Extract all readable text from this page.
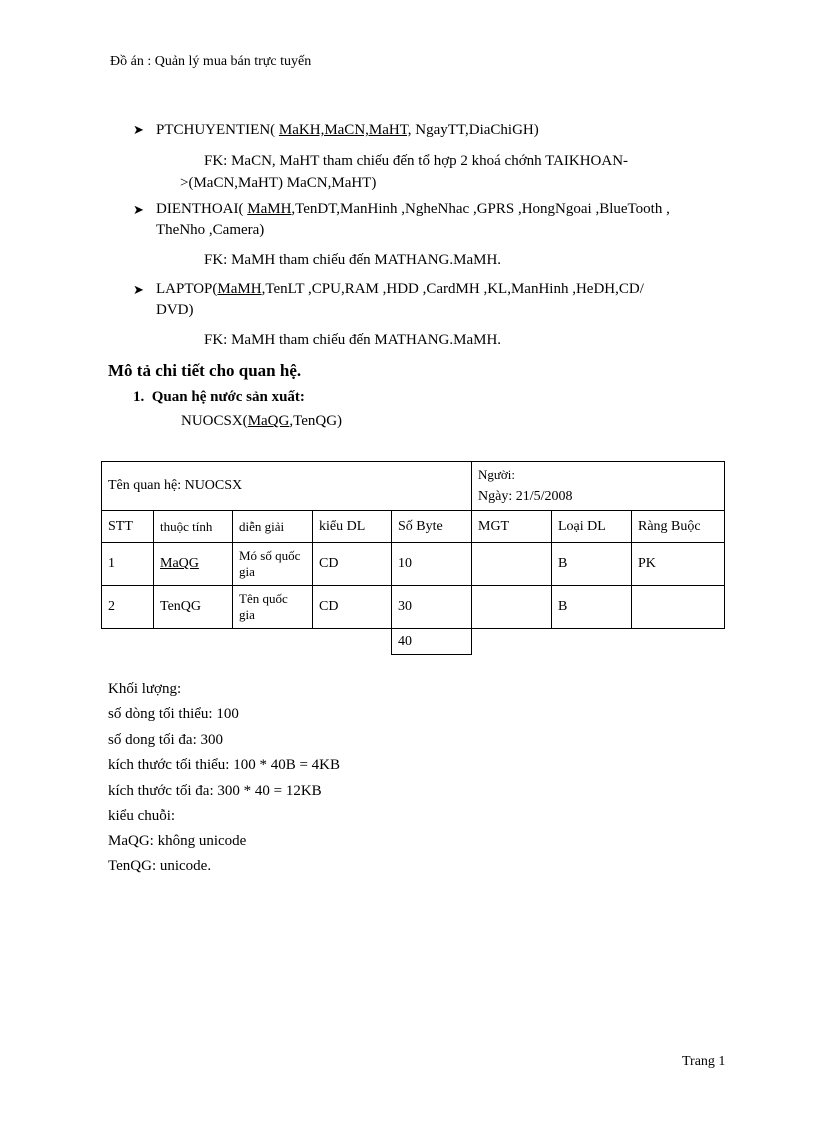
Đồ án : Quản lý mua bán trực tuyến
➤ PTCHUYENTIEN( MaKH,MaCN,MaHT, NgayTT,DiaChiGH)
FK: MaCN, MaHT tham chiếu đến tổ hợp 2 khoá chớnh TAIKHOAN-
>(MaCN,MaHT) MaCN,MaHT)
➤ DIENTHOAI( MaMH,TenDT,ManHinh ,NgheNhac ,GPRS ,HongNgoai ,BlueTooth ,
TheNho ,Camera)
FK: MaMH tham chiếu đến MATHANG.MaMH.
➤ LAPTOP(MaMH,TenLT ,CPU,RAM ,HDD ,CardMH ,KL,ManHinh ,HeDH,CD/
DVD)
FK: MaMH tham chiếu đến MATHANG.MaMH.
Mô tả chi tiết cho quan hệ.
1. Quan hệ nước sản xuất:
NUOCSX(MaQG,TenQG)
Tên quan hệ: NUOCSX					Người:
Ngày: 21/5/2008		

STT	thuộc tính	diễn giải	kiểu DL	Số Byte	MGT	Loại DL	Ràng Buộc
1	MaQG	Mó số quốc gia	CD	10		B	PK
2	TenQG	Tên quốc gia	CD	30		B	
				40			
Khối lượng:
số dòng tối thiểu: 100
số dong tối đa: 300
kích thước tối thiểu: 100 * 40B = 4KB
kích thước tối đa: 300 * 40 = 12KB
kiểu chuỗi:
MaQG: không unicode
TenQG: unicode.
Trang 1
